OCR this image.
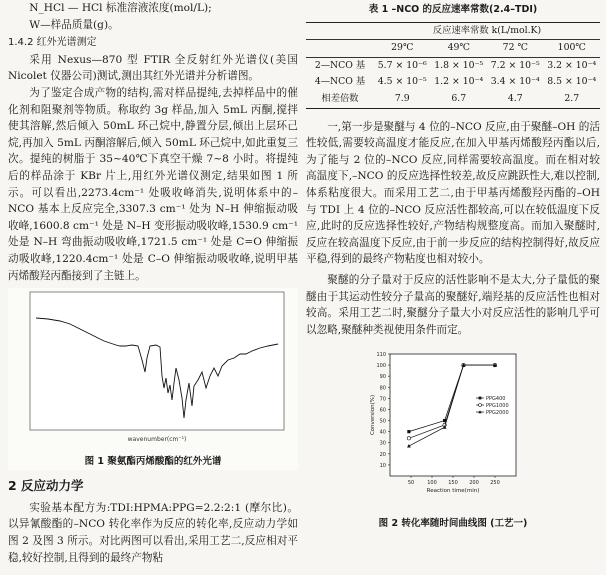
N_HCl — HCl 标准溶液浓度(mol/L);

W—样品质量(g)。

1.4.2 红外光谱测定

采用 Nexus—870 型 FTIR 全反射红外光谱仪(美国 Nicolet 仪器公司)测试,测出其红外光谱并分析谱图。

为了鉴定合成产物的结构,需对样品提纯,去掉样品中的催化剂和阻聚剂等物质。称取约 3g 样品,加入 5mL 丙酮,搅拌使其溶解,然后倾入 50mL 环己烷中,静置分层,倾出上层环己烷,再加入 5mL 丙酮溶解后,倾入 50mL 环己烷中,如此重复三次。提纯的树脂于 35~40℃下真空干燥 7~8 小时。将提纯后的样品涂于 KBr 片上,用红外光谱仪测定,结果如图 1 所示。可以看出,2273.4cm⁻¹ 处吸收峰消失,说明体系中的–NCO 基本上反应完全,3307.3 cm⁻¹ 处为 N–H 伸缩振动吸收峰,1600.8 cm⁻¹ 处是 N–H 变形振动吸收峰,1530.9 cm⁻¹ 处是 N–H 弯曲振动吸收峰,1721.5 cm⁻¹ 处是 C=O 伸缩振动吸收峰,1220.4cm⁻¹ 处是 C–O 伸缩振动吸收峰,说明甲基丙烯酸羟丙酯接到了主链上。

wavenumber(cm⁻¹)
图 1 聚氨酯丙烯酸酯的红外光谱

2 反应动力学

实验基本配方为:TDI:HPMA:PPG=2.2:2:1 (摩尔比)。以异氰酸酯的–NCO 转化率作为反应的转化率,反应动力学如图 2 及图 3 所示。对比两图可以看出,采用工艺二,反应相对平稳,较好控制,且得到的最终产物粘

表 1 –NCO 的反应速率常数(2.4–TDI)
	反应速率常数 k(L/mol.K)			
	29℃	49℃	72 ℃	100℃
2—NCO 基	5.7 × 10⁻⁶	1.8 × 10⁻⁵	7.2 × 10⁻⁵	3.2 × 10⁻⁴
4—NCO 基	4.5 × 10⁻⁵	1.2 × 10⁻⁴	3.4 × 10⁻⁴	8.5 × 10⁻⁴
相差倍数	7.9	6.7	4.7	2.7

一,第一步是聚醚与 4 位的–NCO 反应,由于聚醚–OH 的活性较低,需要较高温度才能反应,在加入甲基丙烯酸羟丙酯以后,为了能与 2 位的–NCO 反应,同样需要较高温度。而在相对较高温度下,–NCO 的反应选择性较差,故反应跳跃性大,难以控制,体系粘度很大。而采用工艺二,由于甲基丙烯酸羟丙酯的–OH 与 TDI 上 4 位的–NCO 反应活性都较高,可以在较低温度下反应,此时的反应选择性较好,产物结构规整度高。而加入聚醚时,反应在较高温度下反应,由于前一步反应的结构控制得好,故反应平稳,得到的最终产物粘度也相对较小。

聚醚的分子量对于反应的活性影响不是太大,分子量低的聚醚由于其运动性较分子量高的聚醚好,端羟基的反应活性也相对较高。采用工艺二时,聚醚分子量大小对反应活性的影响几乎可以忽略,聚醚种类视使用条件而定。

10
20
30
40
50
60
70
80
90
100
110
50	100 150 200 250
Reaction time(min)
Conversion(%)	PPG400
PPG1000
PPG2000
图 2 转化率随时间曲线图 (工艺一)
